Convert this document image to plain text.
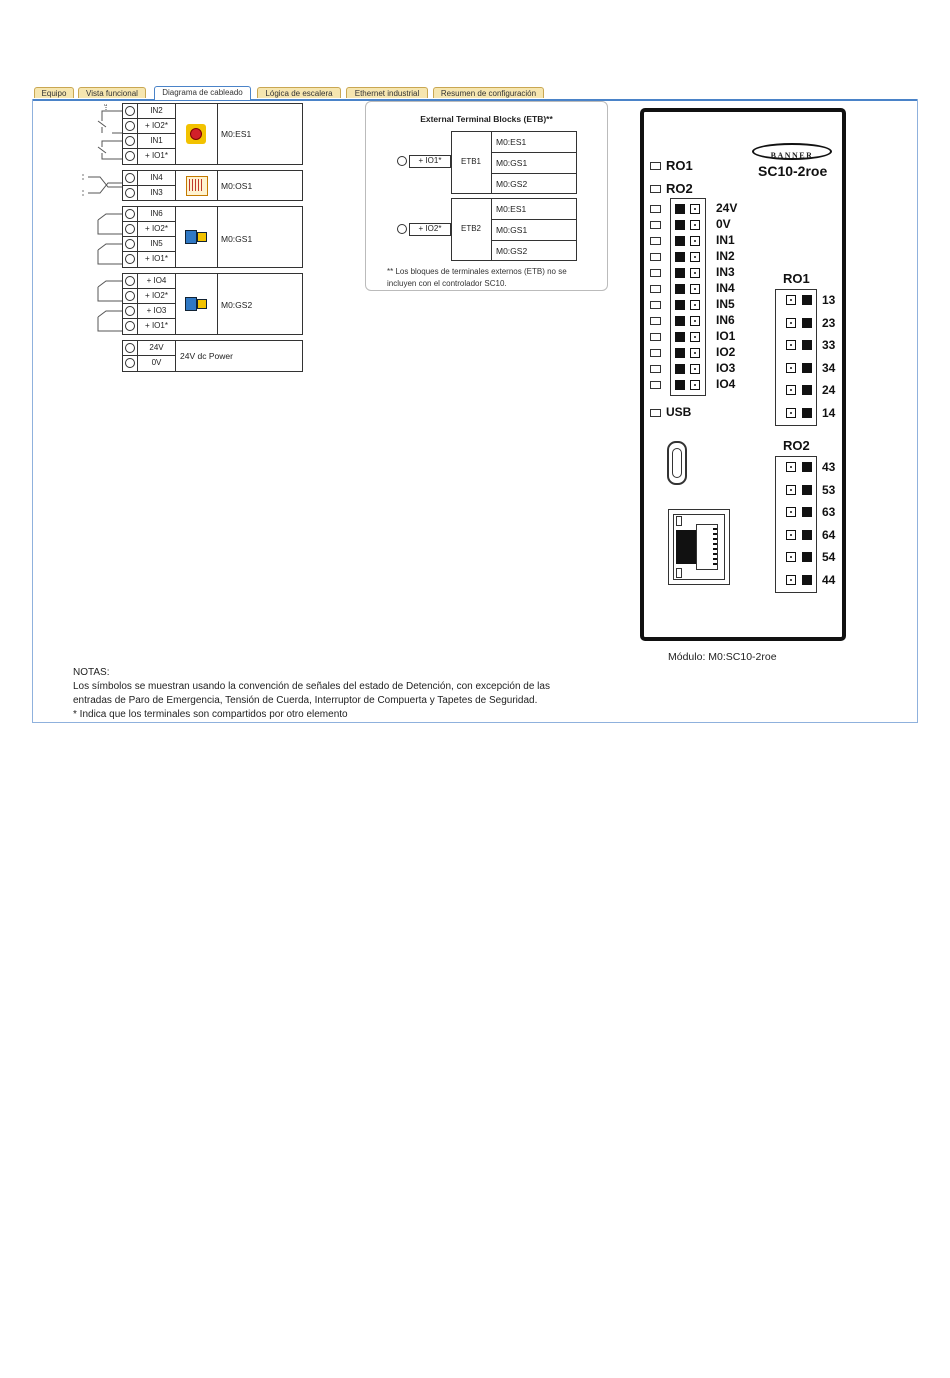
Equipo	Vista funcional	Diagrama de cableado	Lógica de escalera	Ethernet industrial	Resumen de configuración
IN2
+ IO2*
IN1
+ IO1*
M0:ES1
IN4
IN3
M0:OS1
IN6
+ IO2*
IN5
+ IO1*
M0:GS1
+ IO4
+ IO2*
+ IO3
+ IO1*
M0:GS2
24V
0V
24V dc Power
External Terminal Blocks (ETB)**
+ IO1*	ETB1
M0:ES1
M0:GS1
M0:GS2
+ IO2*	ETB2
M0:ES1
M0:GS1
M0:GS2
** Los bloques de terminales externos (ETB) no se
incluyen con el controlador SC10.
BANNER
SC10-2roe
RO1
RO2
24V
0V
IN1
IN2
IN3
IN4
IN5
IN6
IO1
IO2
IO3
IO4
USB
RO1
13
23
33
34
24
14
RO2
43
53
63
64
54
44
Módulo: M0:SC10-2roe
NOTAS:
Los símbolos se muestran usando la convención de señales del estado de Detención, con excepción de las
entradas de Paro de Emergencia, Tensión de Cuerda, Interruptor de Compuerta y Tapetes de Seguridad.
* Indica que los terminales son compartidos por otro elemento
